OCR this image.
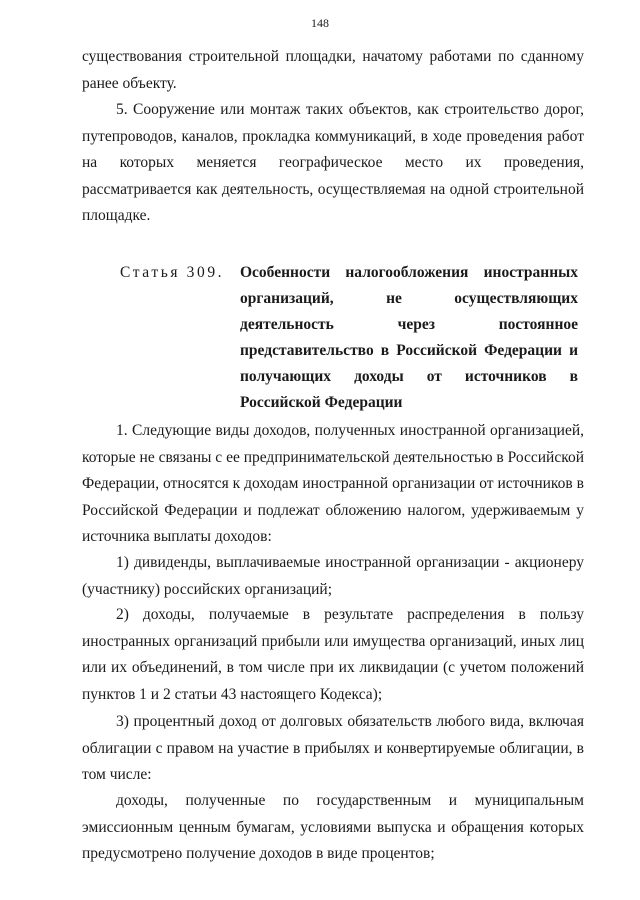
148

существования строительной площадки, начатому работами по сданному ранее объекту.

5. Сооружение или монтаж таких объектов, как строительство дорог, путепроводов, каналов, прокладка коммуникаций, в ходе проведения работ на которых меняется географическое место их проведения, рассматривается как деятельность, осуществляемая на одной строительной площадке.

Статья 309. Особенности налогообложения иностранных организаций, не осуществляющих деятельность через постоянное представительство в Российской Федерации и получающих доходы от источников в Российской Федерации

1. Следующие виды доходов, полученных иностранной организацией, которые не связаны с ее предпринимательской деятельностью в Российской Федерации, относятся к доходам иностранной организации от источников в Российской Федерации и подлежат обложению налогом, удерживаемым у источника выплаты доходов:

1) дивиденды, выплачиваемые иностранной организации - акционеру (участнику) российских организаций;

2) доходы, получаемые в результате распределения в пользу иностранных организаций прибыли или имущества организаций, иных лиц или их объединений, в том числе при их ликвидации (с учетом положений пунктов 1 и 2 статьи 43 настоящего Кодекса);

3) процентный доход от долговых обязательств любого вида, включая облигации с правом на участие в прибылях и конвертируемые облигации, в том числе:

доходы, полученные по государственным и муниципальным эмиссионным ценным бумагам, условиями выпуска и обращения которых предусмотрено получение доходов в виде процентов;
